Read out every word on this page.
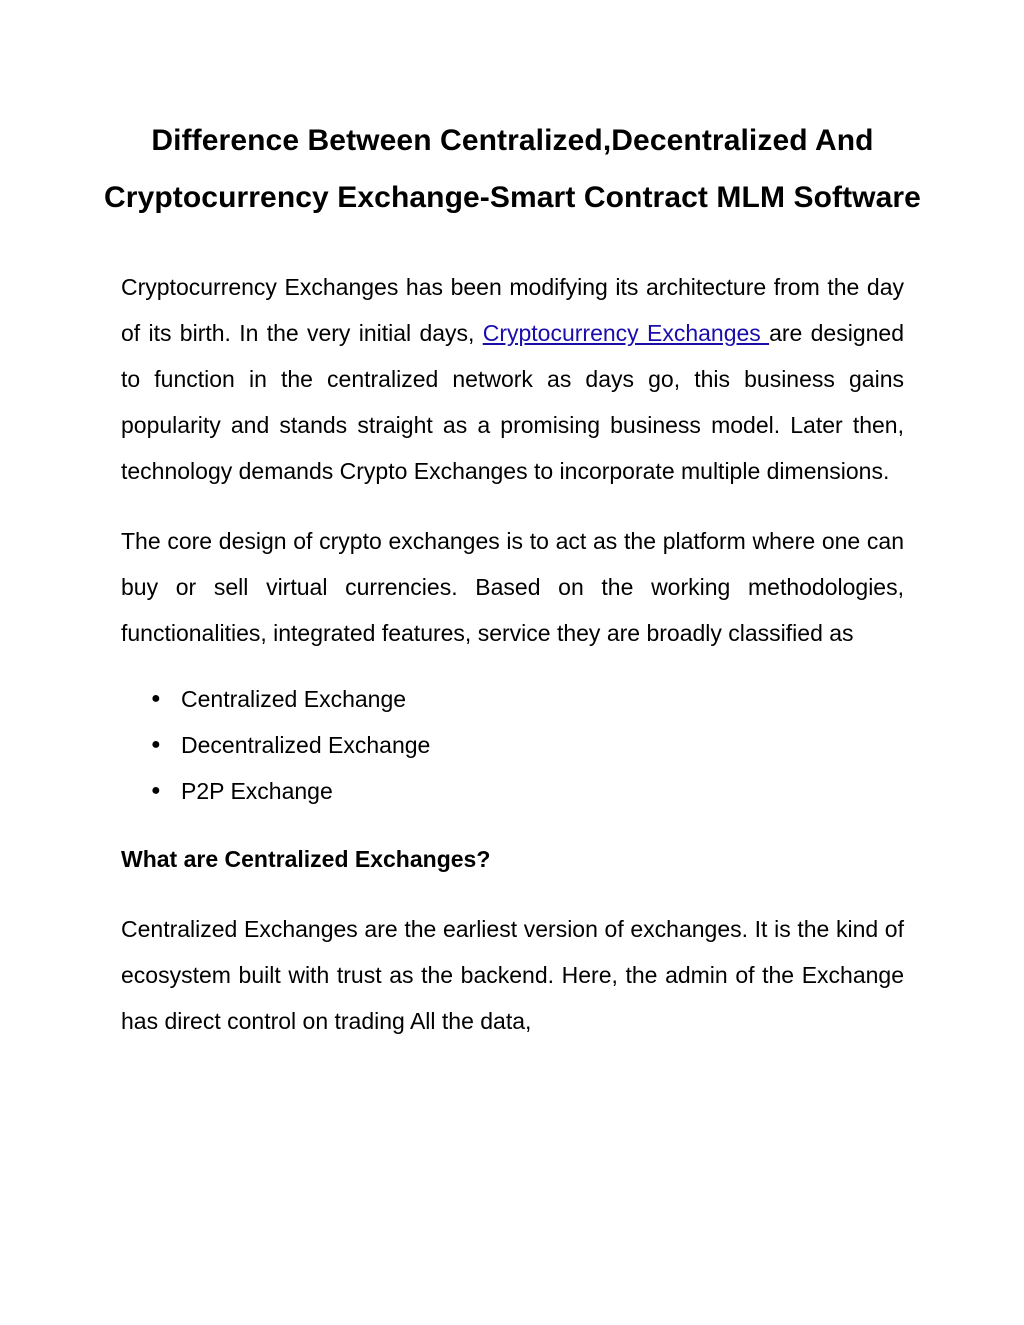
Difference Between Centralized,Decentralized And Cryptocurrency Exchange-Smart Contract MLM Software

Cryptocurrency Exchanges has been modifying its architecture from the day of its birth. In the very initial days, Cryptocurrency Exchanges are designed to function in the centralized network as days go, this business gains popularity and stands straight as a promising business model. Later then, technology demands Crypto Exchanges to incorporate multiple dimensions.

The core design of crypto exchanges is to act as the platform where one can buy or sell virtual currencies. Based on the working methodologies, functionalities, integrated features, service they are broadly classified as

● Centralized Exchange
● Decentralized Exchange
● P2P Exchange
What are Centralized Exchanges?

Centralized Exchanges are the earliest version of exchanges. It is the kind of ecosystem built with trust as the backend. Here, the admin of the Exchange has direct control on trading All the data,
